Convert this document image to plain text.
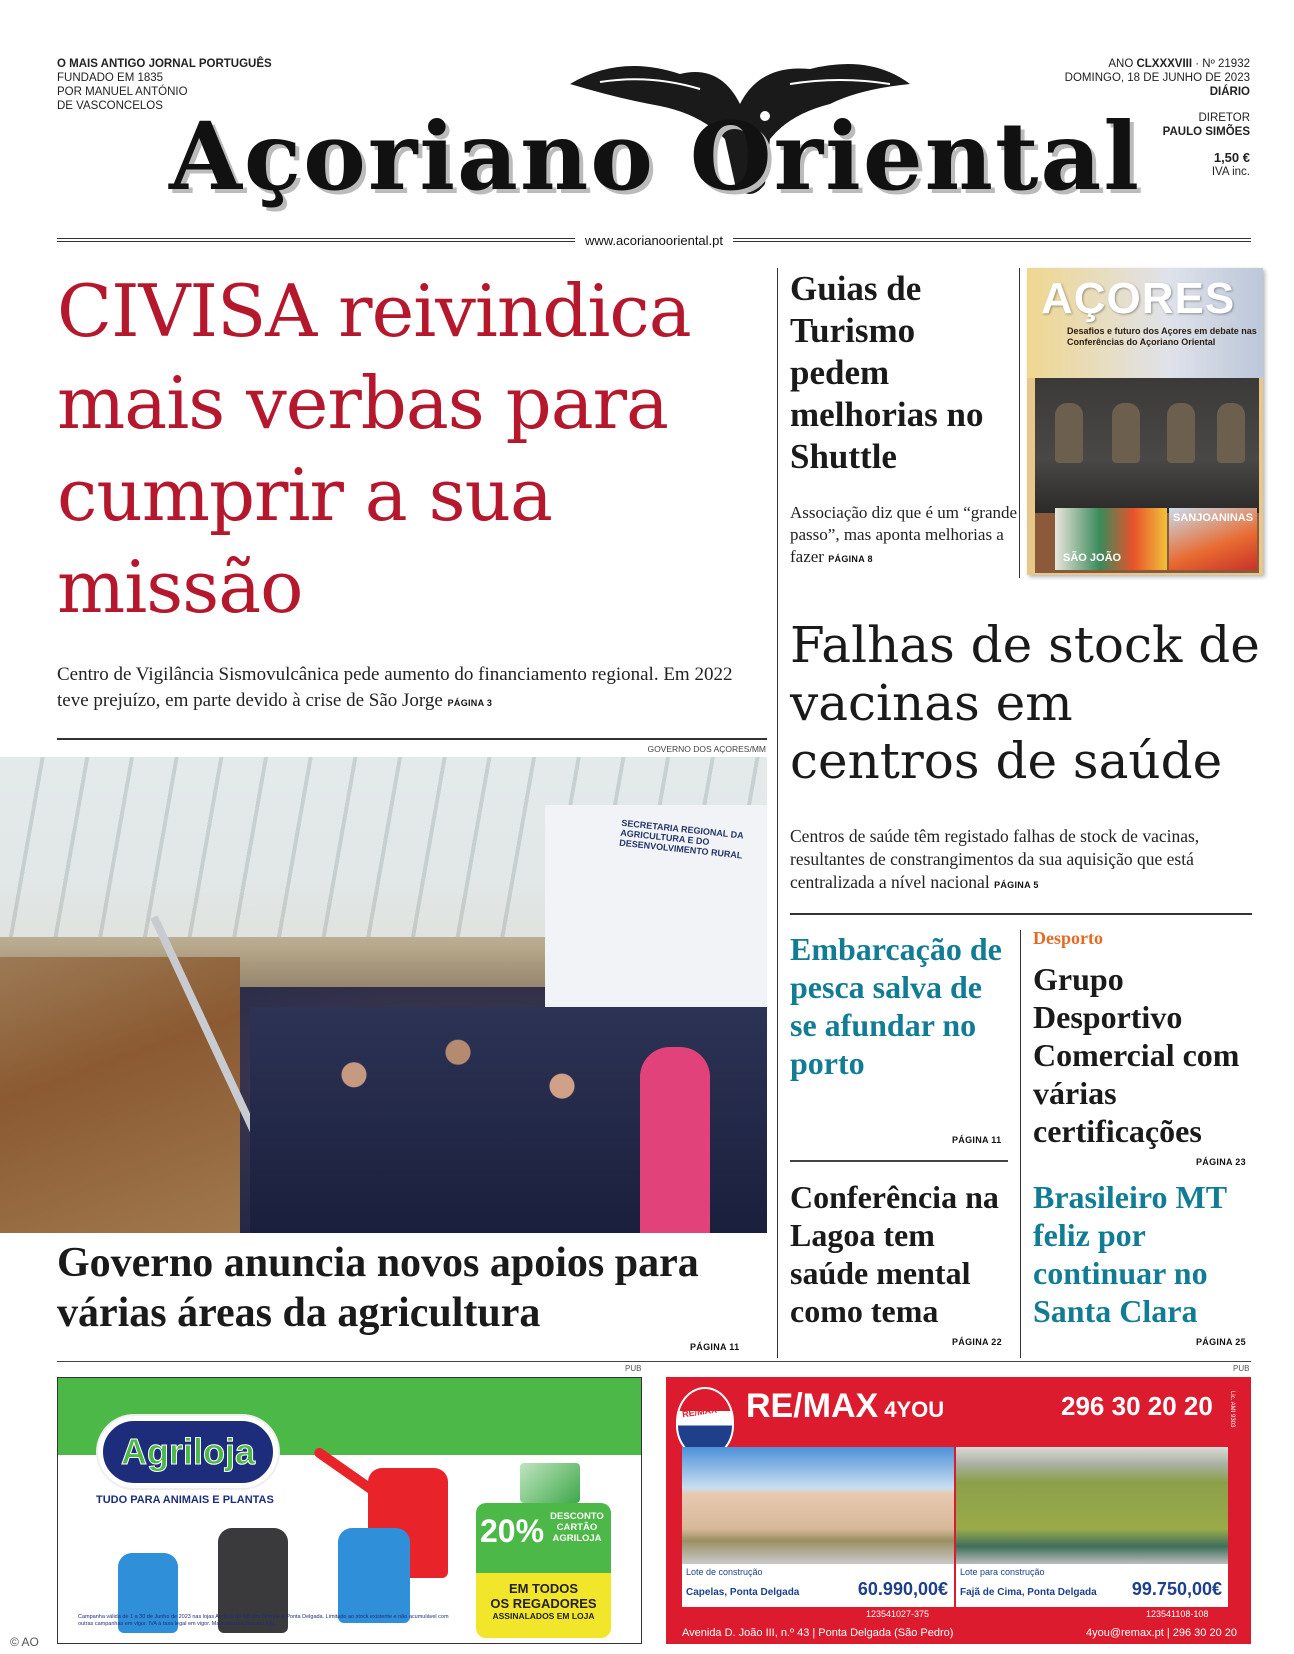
O MAIS ANTIGO JORNAL PORTUGUÊS
FUNDADO EM 1835
POR MANUEL ANTÓNIO
DE VASCONCELOS Açoriano Oriental
ANO CLXXXVIII · Nº 21932
DOMINGO, 18 DE JUNHO DE 2023
DIÁRIO
DIRETOR
PAULO SIMÕES
1,50 €
IVA inc.
www.acorianooriental.pt
CIVISA reivindica mais verbas para cumprir a sua missão
Centro de Vigilância Sismovulcânica pede aumento do financiamento regional. Em 2022 teve prejuízo, em parte devido à crise de São Jorge PÁGINA 3
GOVERNO DOS AÇORES/MM
SECRETARIA REGIONAL DA AGRICULTURA E DO DESENVOLVIMENTO RURAL
Governo anuncia novos apoios para várias áreas da agricultura
PÁGINA 11
Guias de Turismo pedem melhorias no Shuttle
Associação diz que é um “grande passo”, mas aponta melhorias a fazer PÁGINA 8
AÇORES
Desafios e futuro dos Açores em debate nas Conferências do Açoriano Oriental
SANJOANINAS
SÃO JOÃO
Falhas de stock de vacinas em centros de saúde
Centros de saúde têm registado falhas de stock de vacinas, resultantes de constrangimentos da sua aquisição que está centralizada a nível nacional PÁGINA 5
Embarcação de pesca salva de se afundar no porto
PÁGINA 11
Conferência na Lagoa tem saúde mental como tema
PÁGINA 22
Desporto
Grupo Desportivo Comercial com várias certificações
PÁGINA 23
Brasileiro MT feliz por continuar no Santa Clara
PÁGINA 25
PUB	PUB
Agriloja
TUDO PARA ANIMAIS E PLANTAS
20% DESCONTO CARTÃO AGRILOJA
EM TODOS
OS REGADORES
ASSINALADOS EM LOJA
Campanha válida de 1 a 30 de Junho de 2023 nas lojas Agriloja da Ribeira Grande e Ponta Delgada. Limitado ao stock existente e não acumulável com outras campanhas em vigor. IVA à taxa legal em vigor. Mais informações em loja.
RE/MAX RE/MAX 4YOU	296 30 20 20	Lic. AMI 9303
Lote de construção
Capelas, Ponta Delgada	60.990,00€
Lote para construção
Fajã de Cima, Ponta Delgada 99.750,00€
123541027-375	123541108-108
Avenida D. João III, n.º 43 | Ponta Delgada (São Pedro)	4you@remax.pt | 296 30 20 20
© AO
